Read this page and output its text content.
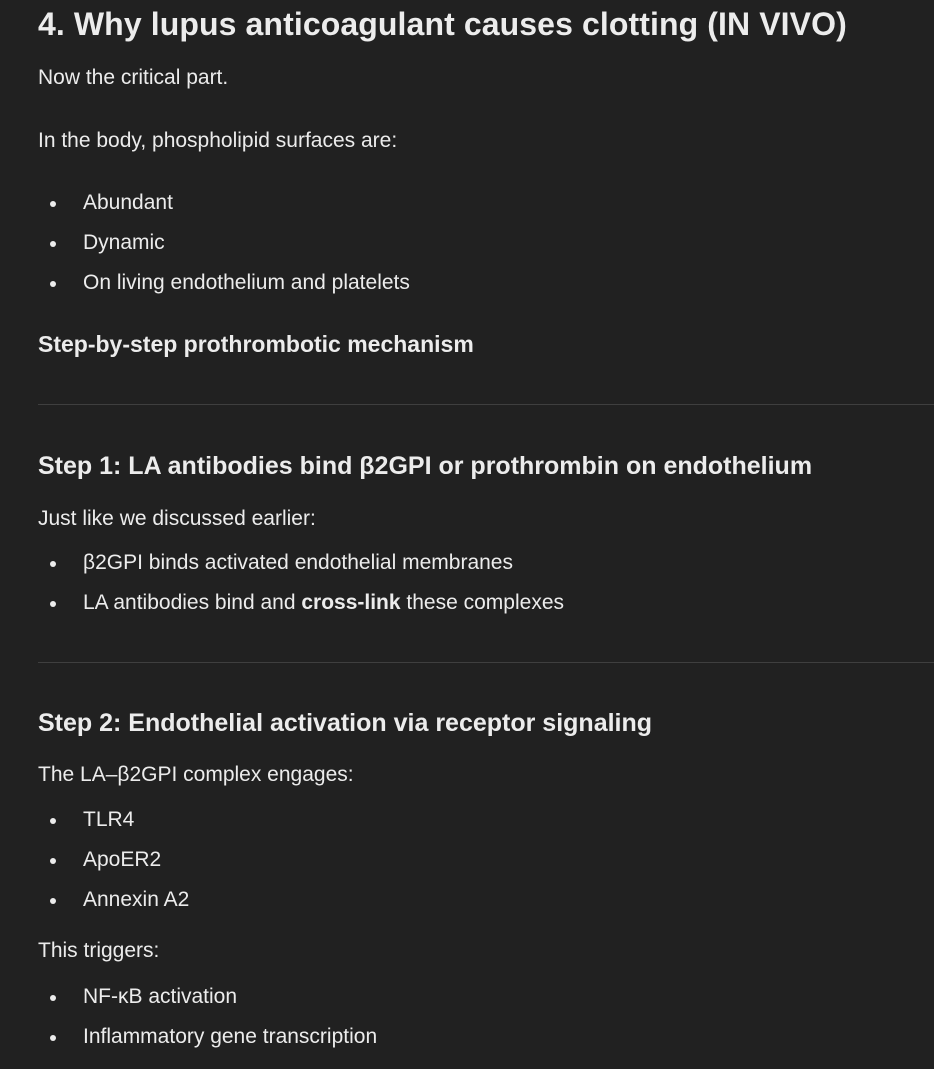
4. Why lupus anticoagulant causes clotting (IN VIVO)

Now the critical part.

In the body, phospholipid surfaces are:

Abundant
Dynamic
On living endothelium and platelets
Step-by-step prothrombotic mechanism
Step 1: LA antibodies bind β2GPI or prothrombin on endothelium

Just like we discussed earlier:

β2GPI binds activated endothelial membranes
LA antibodies bind and cross-link these complexes
Step 2: Endothelial activation via receptor signaling

The LA–β2GPI complex engages:

TLR4
ApoER2
Annexin A2

This triggers:

NF-κB activation
Inflammatory gene transcription
